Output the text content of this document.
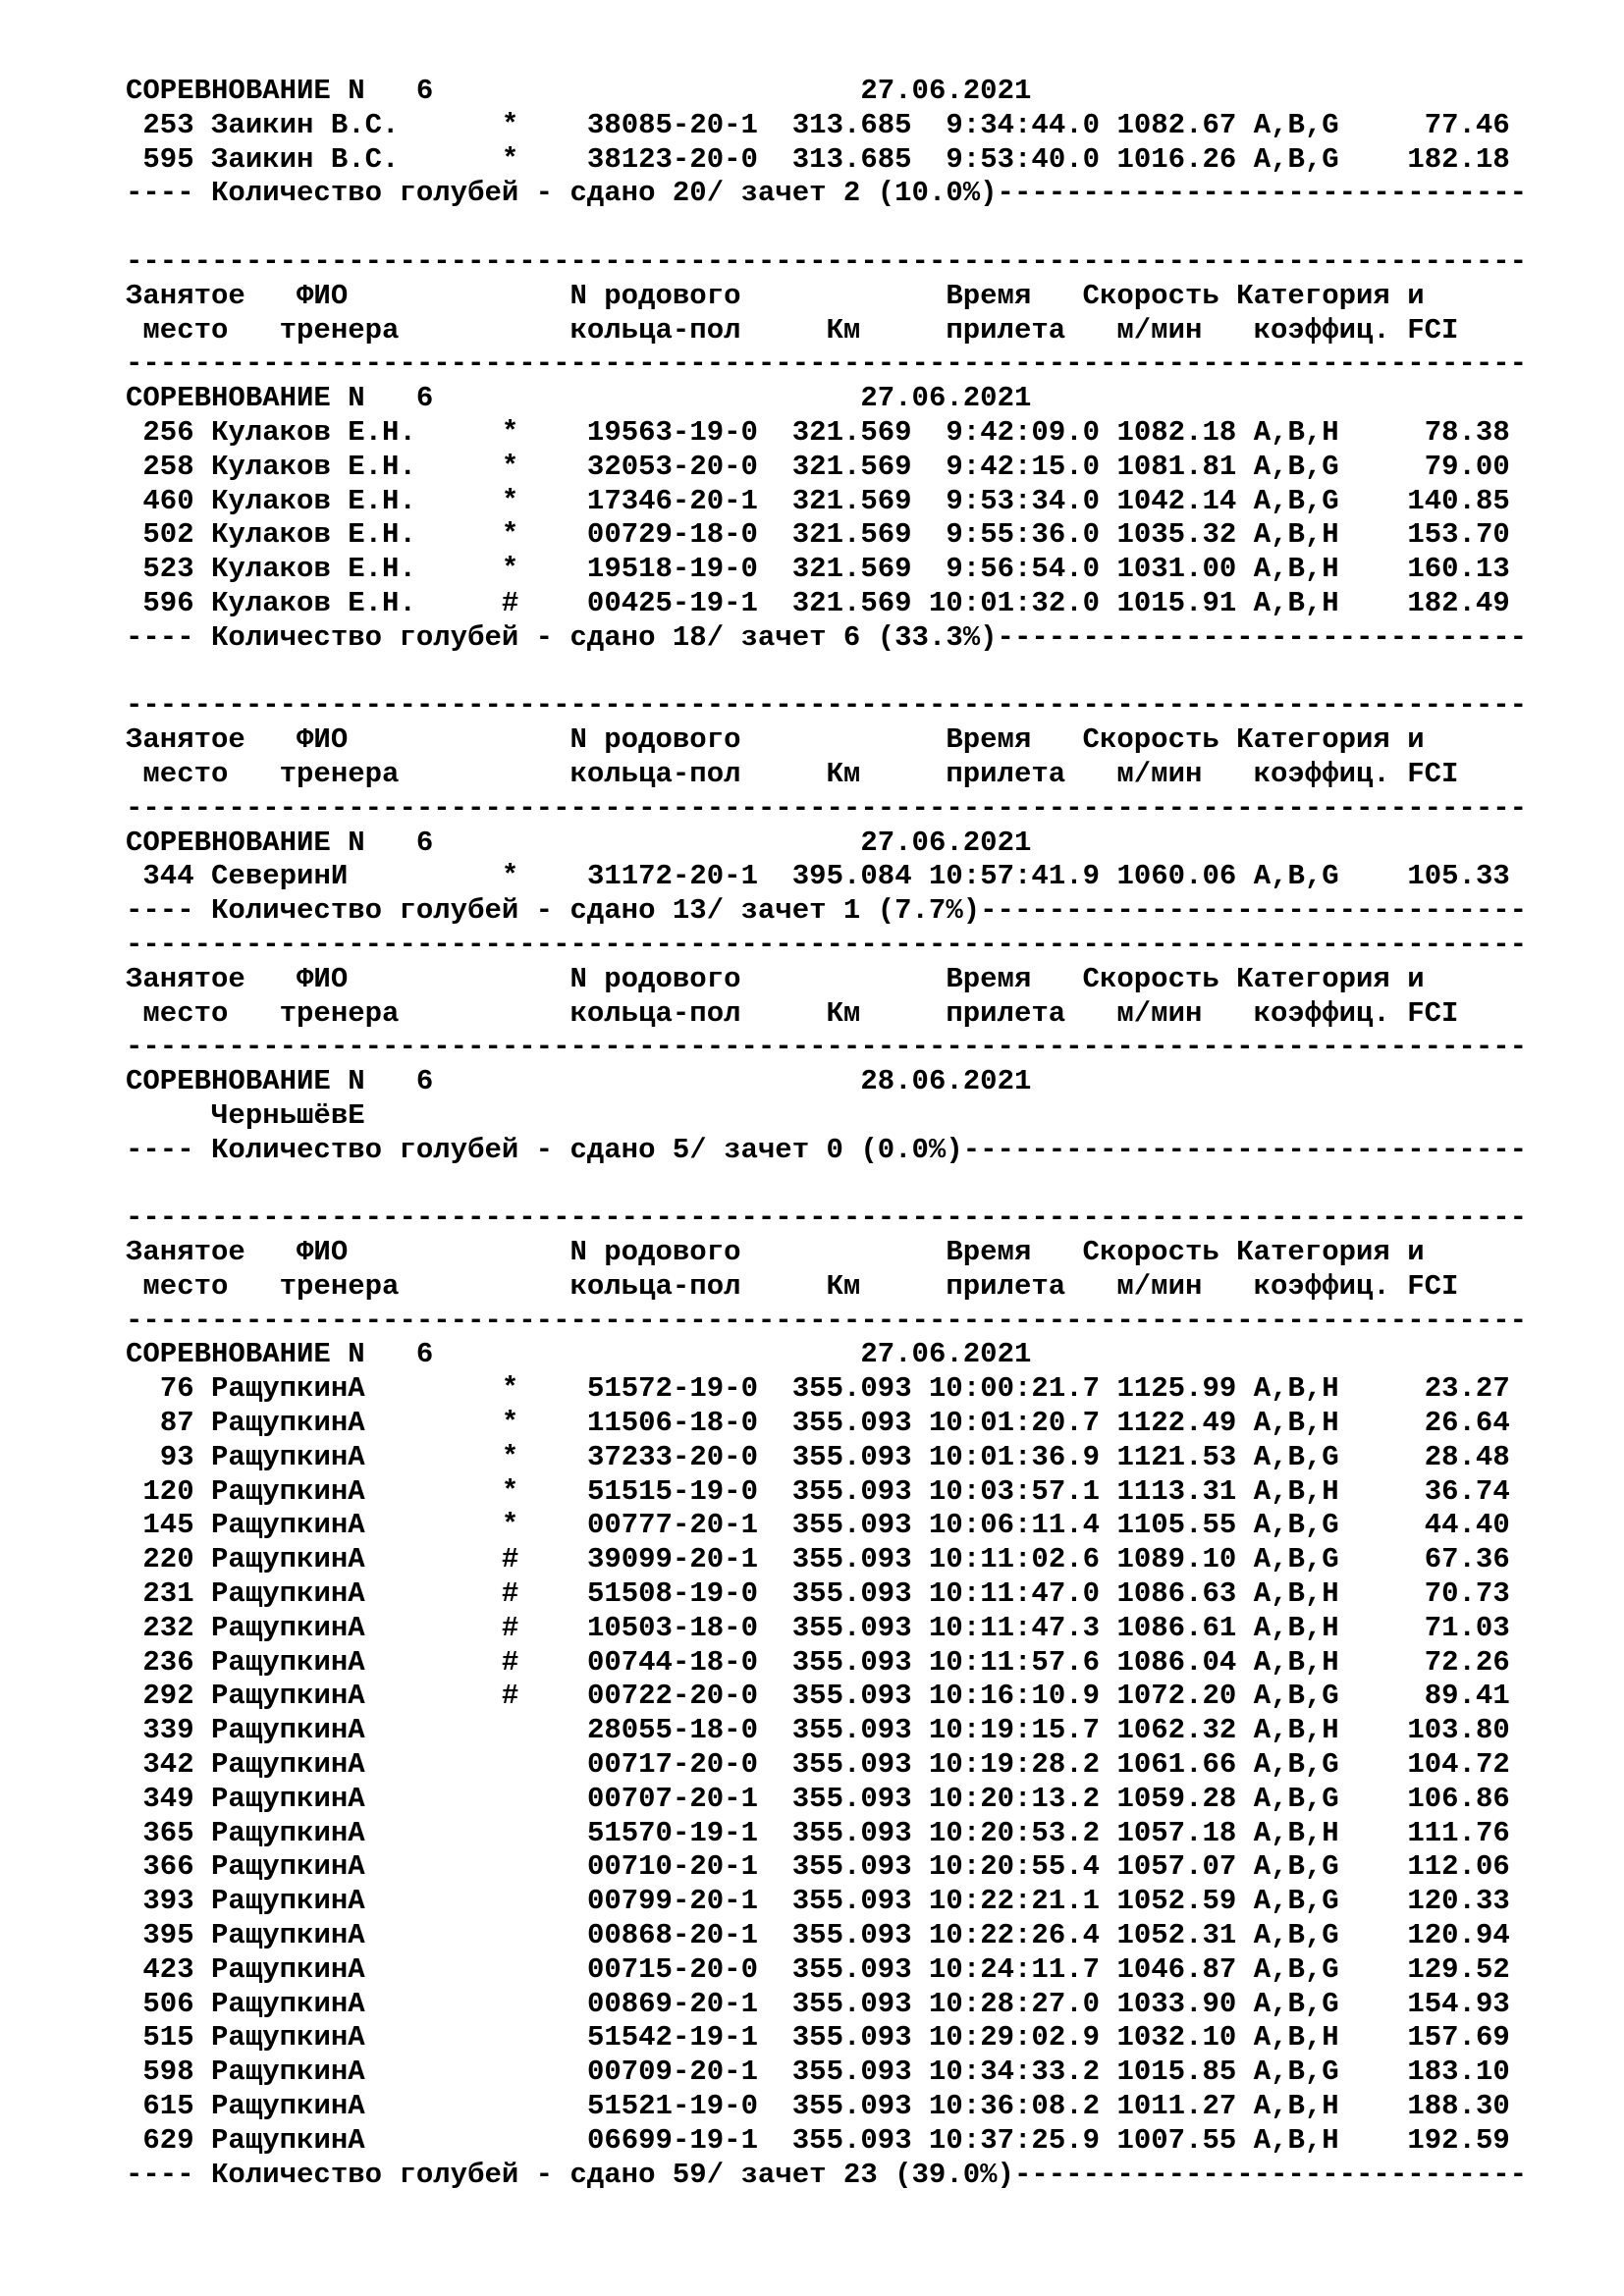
СОРЕВНОВАНИЕ N   6	27.06.2021
253 Заикин В.С.	* 38085-20-1 313.685 9:34:44.0 1082.67 A,B,G	77.46
595 Заикин В.С.	* 38123-20-0 313.685 9:53:40.0 1016.26 A,B,G 182.18
---- Количество голубей - сдано 20/ зачет 2 (10.0%)-------------------------------

----------------------------------------------------------------------------------
Занятое   ФИО             N родового            Время   Скорость Категория и
место   тренера          кольца-пол     Км     прилета   м/мин   коэффиц. FCI
----------------------------------------------------------------------------------
СОРЕВНОВАНИЕ N   6	27.06.2021
256 Кулаков Е.Н.	* 19563-19-0 321.569 9:42:09.0 1082.18 A,B,H	78.38
258 Кулаков Е.Н.	* 32053-20-0 321.569 9:42:15.0 1081.81 A,B,G	79.00
460 Кулаков Е.Н.	* 17346-20-1 321.569 9:53:34.0 1042.14 A,B,G 140.85
502 Кулаков Е.Н.	* 00729-18-0 321.569 9:55:36.0 1035.32 A,B,H 153.70
523 Кулаков Е.Н.	* 19518-19-0 321.569 9:56:54.0 1031.00 A,B,H 160.13
596 Кулаков Е.Н.	# 00425-19-1 321.569 10:01:32.0 1015.91 A,B,H 182.49
---- Количество голубей - сдано 18/ зачет 6 (33.3%)-------------------------------

----------------------------------------------------------------------------------
Занятое   ФИО             N родового            Время   Скорость Категория и
место   тренера          кольца-пол     Км     прилета   м/мин   коэффиц. FCI
----------------------------------------------------------------------------------
СОРЕВНОВАНИЕ N   6	27.06.2021
344 СеверинИ	* 31172-20-1 395.084 10:57:41.9 1060.06 A,B,G 105.33
---- Количество голубей - сдано 13/ зачет 1 (7.7%)--------------------------------
----------------------------------------------------------------------------------
Занятое   ФИО             N родового            Время   Скорость Категория и
место   тренера          кольца-пол     Км     прилета   м/мин   коэффиц. FCI
----------------------------------------------------------------------------------
СОРЕВНОВАНИЕ N   6	28.06.2021
ЧерньшёвЕ
---- Количество голубей - сдано 5/ зачет 0 (0.0%)---------------------------------

----------------------------------------------------------------------------------
Занятое   ФИО             N родового            Время   Скорость Категория и
место   тренера          кольца-пол     Км     прилета   м/мин   коэффиц. FCI
----------------------------------------------------------------------------------
СОРЕВНОВАНИЕ N   6	27.06.2021
76 РащупкинА	* 51572-19-0 355.093 10:00:21.7 1125.99 A,B,H	23.27
87 РащупкинА	* 11506-18-0 355.093 10:01:20.7 1122.49 A,B,H	26.64
93 РащупкинА	* 37233-20-0 355.093 10:01:36.9 1121.53 A,B,G	28.48
120 РащупкинА	* 51515-19-0 355.093 10:03:57.1 1113.31 A,B,H	36.74
145 РащупкинА	* 00777-20-1 355.093 10:06:11.4 1105.55 A,B,G	44.40
220 РащупкинА	# 39099-20-1 355.093 10:11:02.6 1089.10 A,B,G	67.36
231 РащупкинА	# 51508-19-0 355.093 10:11:47.0 1086.63 A,B,H	70.73
232 РащупкинА	# 10503-18-0 355.093 10:11:47.3 1086.61 A,B,H	71.03
236 РащупкинА	# 00744-18-0 355.093 10:11:57.6 1086.04 A,B,H	72.26
292 РащупкинА	# 00722-20-0 355.093 10:16:10.9 1072.20 A,B,G	89.41
339 РащупкинА	28055-18-0 355.093 10:19:15.7 1062.32 A,B,H 103.80
342 РащупкинА	00717-20-0 355.093 10:19:28.2 1061.66 A,B,G 104.72
349 РащупкинА	00707-20-1 355.093 10:20:13.2 1059.28 A,B,G 106.86
365 РащупкинА	51570-19-1 355.093 10:20:53.2 1057.18 A,B,H 111.76
366 РащупкинА	00710-20-1 355.093 10:20:55.4 1057.07 A,B,G 112.06
393 РащупкинА	00799-20-1 355.093 10:22:21.1 1052.59 A,B,G 120.33
395 РащупкинА	00868-20-1 355.093 10:22:26.4 1052.31 A,B,G 120.94
423 РащупкинА	00715-20-0 355.093 10:24:11.7 1046.87 A,B,G 129.52
506 РащупкинА	00869-20-1 355.093 10:28:27.0 1033.90 A,B,G 154.93
515 РащупкинА	51542-19-1 355.093 10:29:02.9 1032.10 A,B,H 157.69
598 РащупкинА	00709-20-1 355.093 10:34:33.2 1015.85 A,B,G 183.10
615 РащупкинА	51521-19-0 355.093 10:36:08.2 1011.27 A,B,H 188.30
629 РащупкинА	06699-19-1 355.093 10:37:25.9 1007.55 A,B,H 192.59
---- Количество голубей - сдано 59/ зачет 23 (39.0%)------------------------------
